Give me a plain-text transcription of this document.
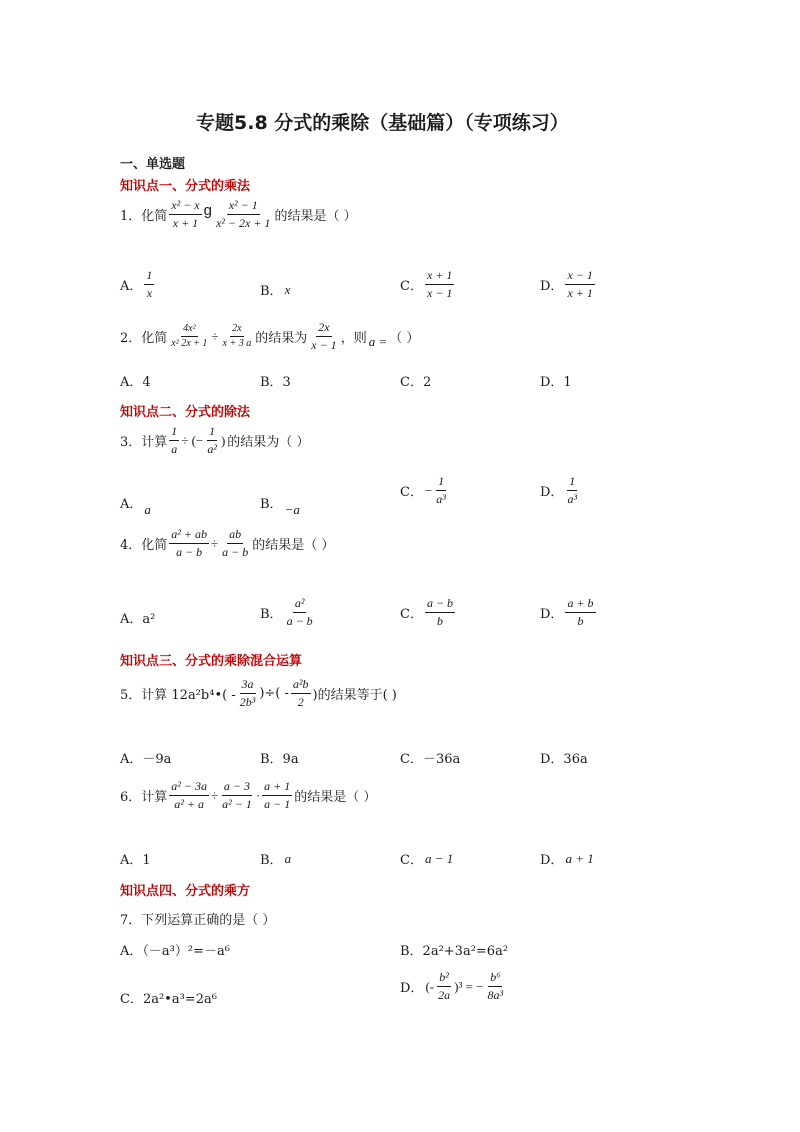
专题5.8 分式的乘除（基础篇）（专项练习）
一、单选题
知识点一、分式的乘法
1．化简 $\frac{\text{x² − x}}{x + 1}$ g $\frac{\text{x² − 1}}{\text{x² − 2x + 1}}$ 的结果是（ ）
A． $\frac{1}{x}$	B． x	C． $\frac{x + 1}{x - 1}$	D． $\frac{x - 1}{x + 1}$
2．化简 $\frac{\text{4x²}}{\text{x² 2x + 1}} \div \frac{2x}{x + 3 a}$ 的结果为 $\frac{2x}{x - 1}$ ，则 a = （ ）
A．4	B．3	C．2	D．1
知识点二、分式的除法
3．计算 $\frac{1}{a}$ ÷ (− $\frac{1}{\text{a²}}$ ) 的结果为（ ）
A． a	B． −a
C． − $\frac{1}{\text{a³}}$	D． $\frac{1}{\text{a³}}$
4．化简 $\frac{\text{a² + ab}}{a - b} \div \frac{ab}{a - b}$ 的结果是（ ）
A．a²	B． $\frac{\text{a²}}{a - b}$	C． $\frac{a - b}{b}$	D． $\frac{a + b}{b}$
知识点三、分式的乘除混合运算
5．计算 12a²b⁴•( - $\frac{3a}{\text{2b³}}$ )÷( - $\frac{\text{a²b}}{2}$ )的结果等于( )
A．－9a	B．9a	C．－36a	D．36a
6．计算 $\frac{\text{a² − 3a}}{\text{a² + a}} \div \frac{a - 3}{\text{a² − 1}} \cdot \frac{a + 1}{a - 1}$ 的结果是（ ）
A．1	B． a	C． a − 1	D． a + 1
知识点四、分式的乘方
7．下列运算正确的是（ ）
A．（－a³）²=－a⁶	B．2a²+3a²=6a²
C．2a²•a³=2a⁶
D． (- $\frac{\text{b²}}{2a} )^3$ = − $\frac{\text{b⁶}}{\text{8a³}}$
